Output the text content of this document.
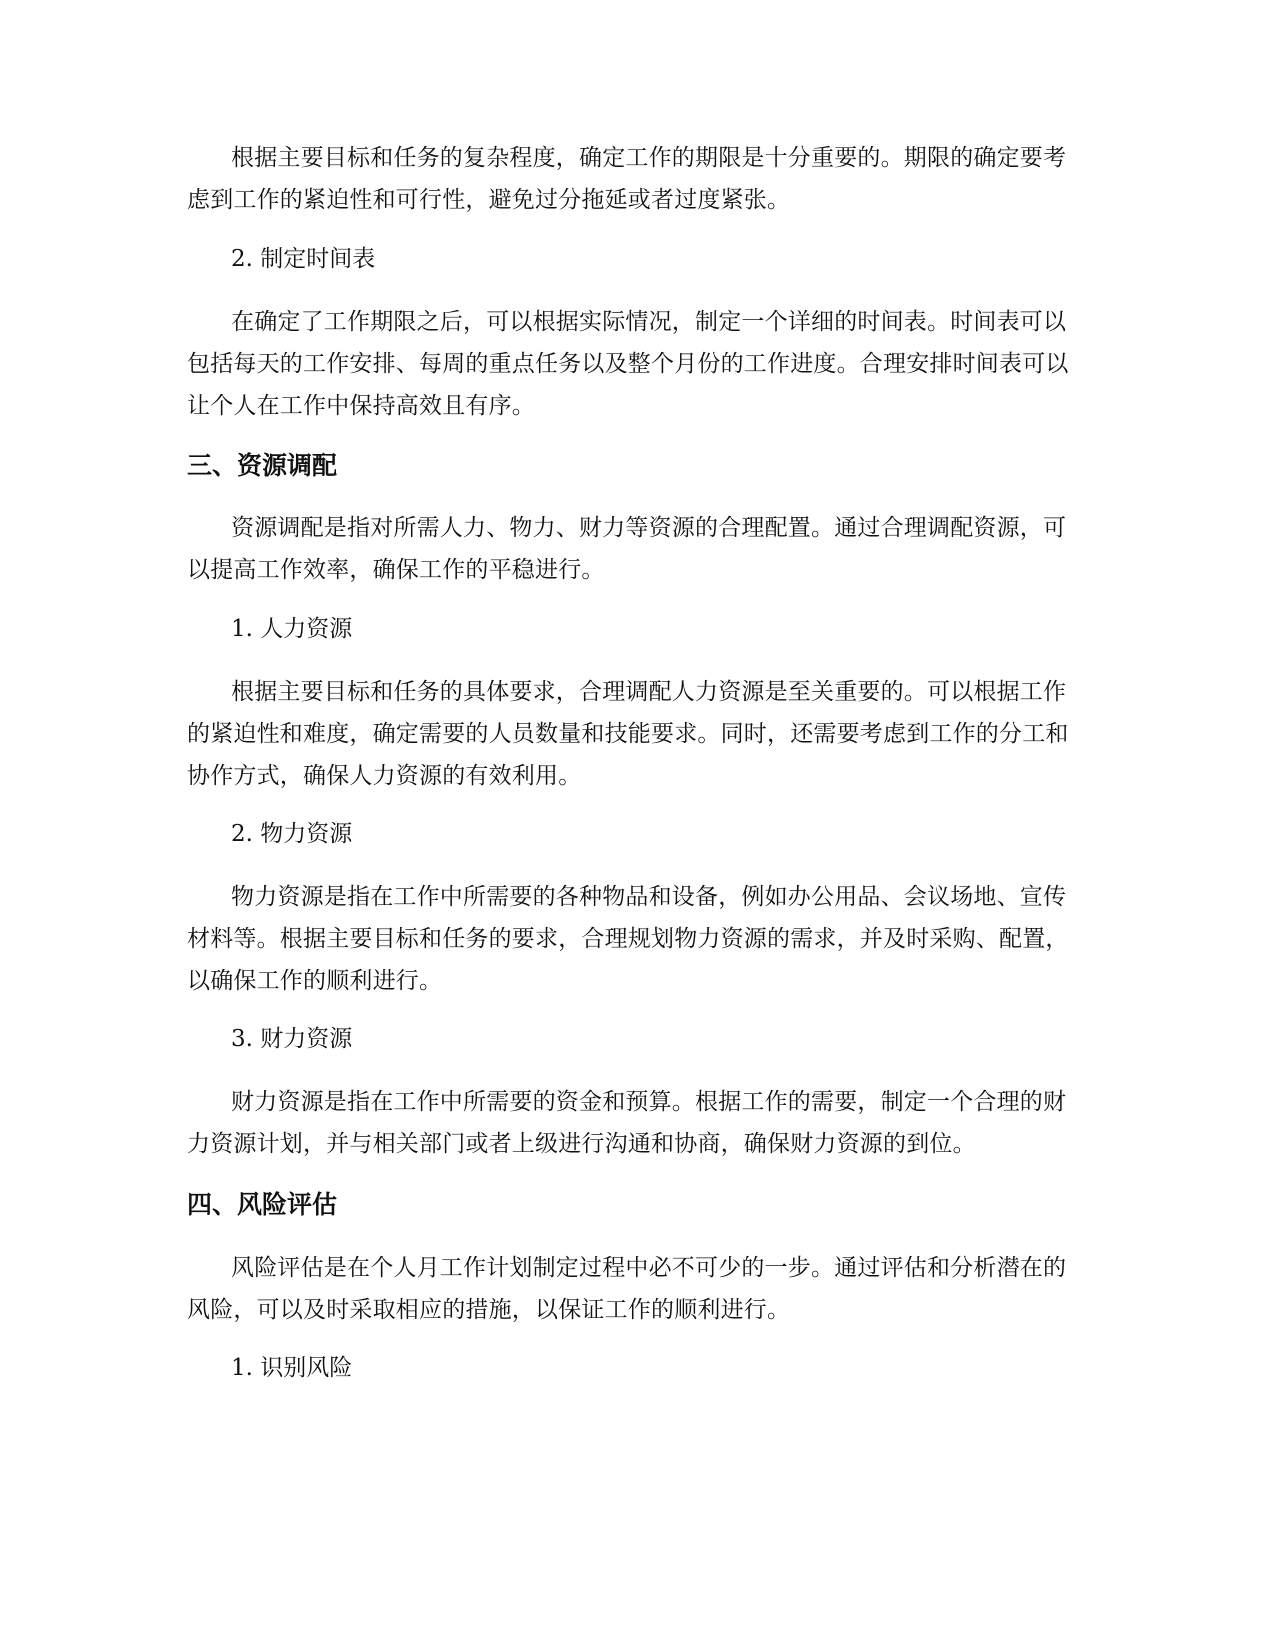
根据主要目标和任务的复杂程度，确定工作的期限是十分重要的。期限的确定要考虑到工作的紧迫性和可行性，避免过分拖延或者过度紧张。

2. 制定时间表

在确定了工作期限之后，可以根据实际情况，制定一个详细的时间表。时间表可以包括每天的工作安排、每周的重点任务以及整个月份的工作进度。合理安排时间表可以让个人在工作中保持高效且有序。

三、资源调配

资源调配是指对所需人力、物力、财力等资源的合理配置。通过合理调配资源，可以提高工作效率，确保工作的平稳进行。

1. 人力资源

根据主要目标和任务的具体要求，合理调配人力资源是至关重要的。可以根据工作的紧迫性和难度，确定需要的人员数量和技能要求。同时，还需要考虑到工作的分工和协作方式，确保人力资源的有效利用。

2. 物力资源

物力资源是指在工作中所需要的各种物品和设备，例如办公用品、会议场地、宣传材料等。根据主要目标和任务的要求，合理规划物力资源的需求，并及时采购、配置，以确保工作的顺利进行。

3. 财力资源

财力资源是指在工作中所需要的资金和预算。根据工作的需要，制定一个合理的财力资源计划，并与相关部门或者上级进行沟通和协商，确保财力资源的到位。

四、风险评估

风险评估是在个人月工作计划制定过程中必不可少的一步。通过评估和分析潜在的风险，可以及时采取相应的措施，以保证工作的顺利进行。

1. 识别风险
